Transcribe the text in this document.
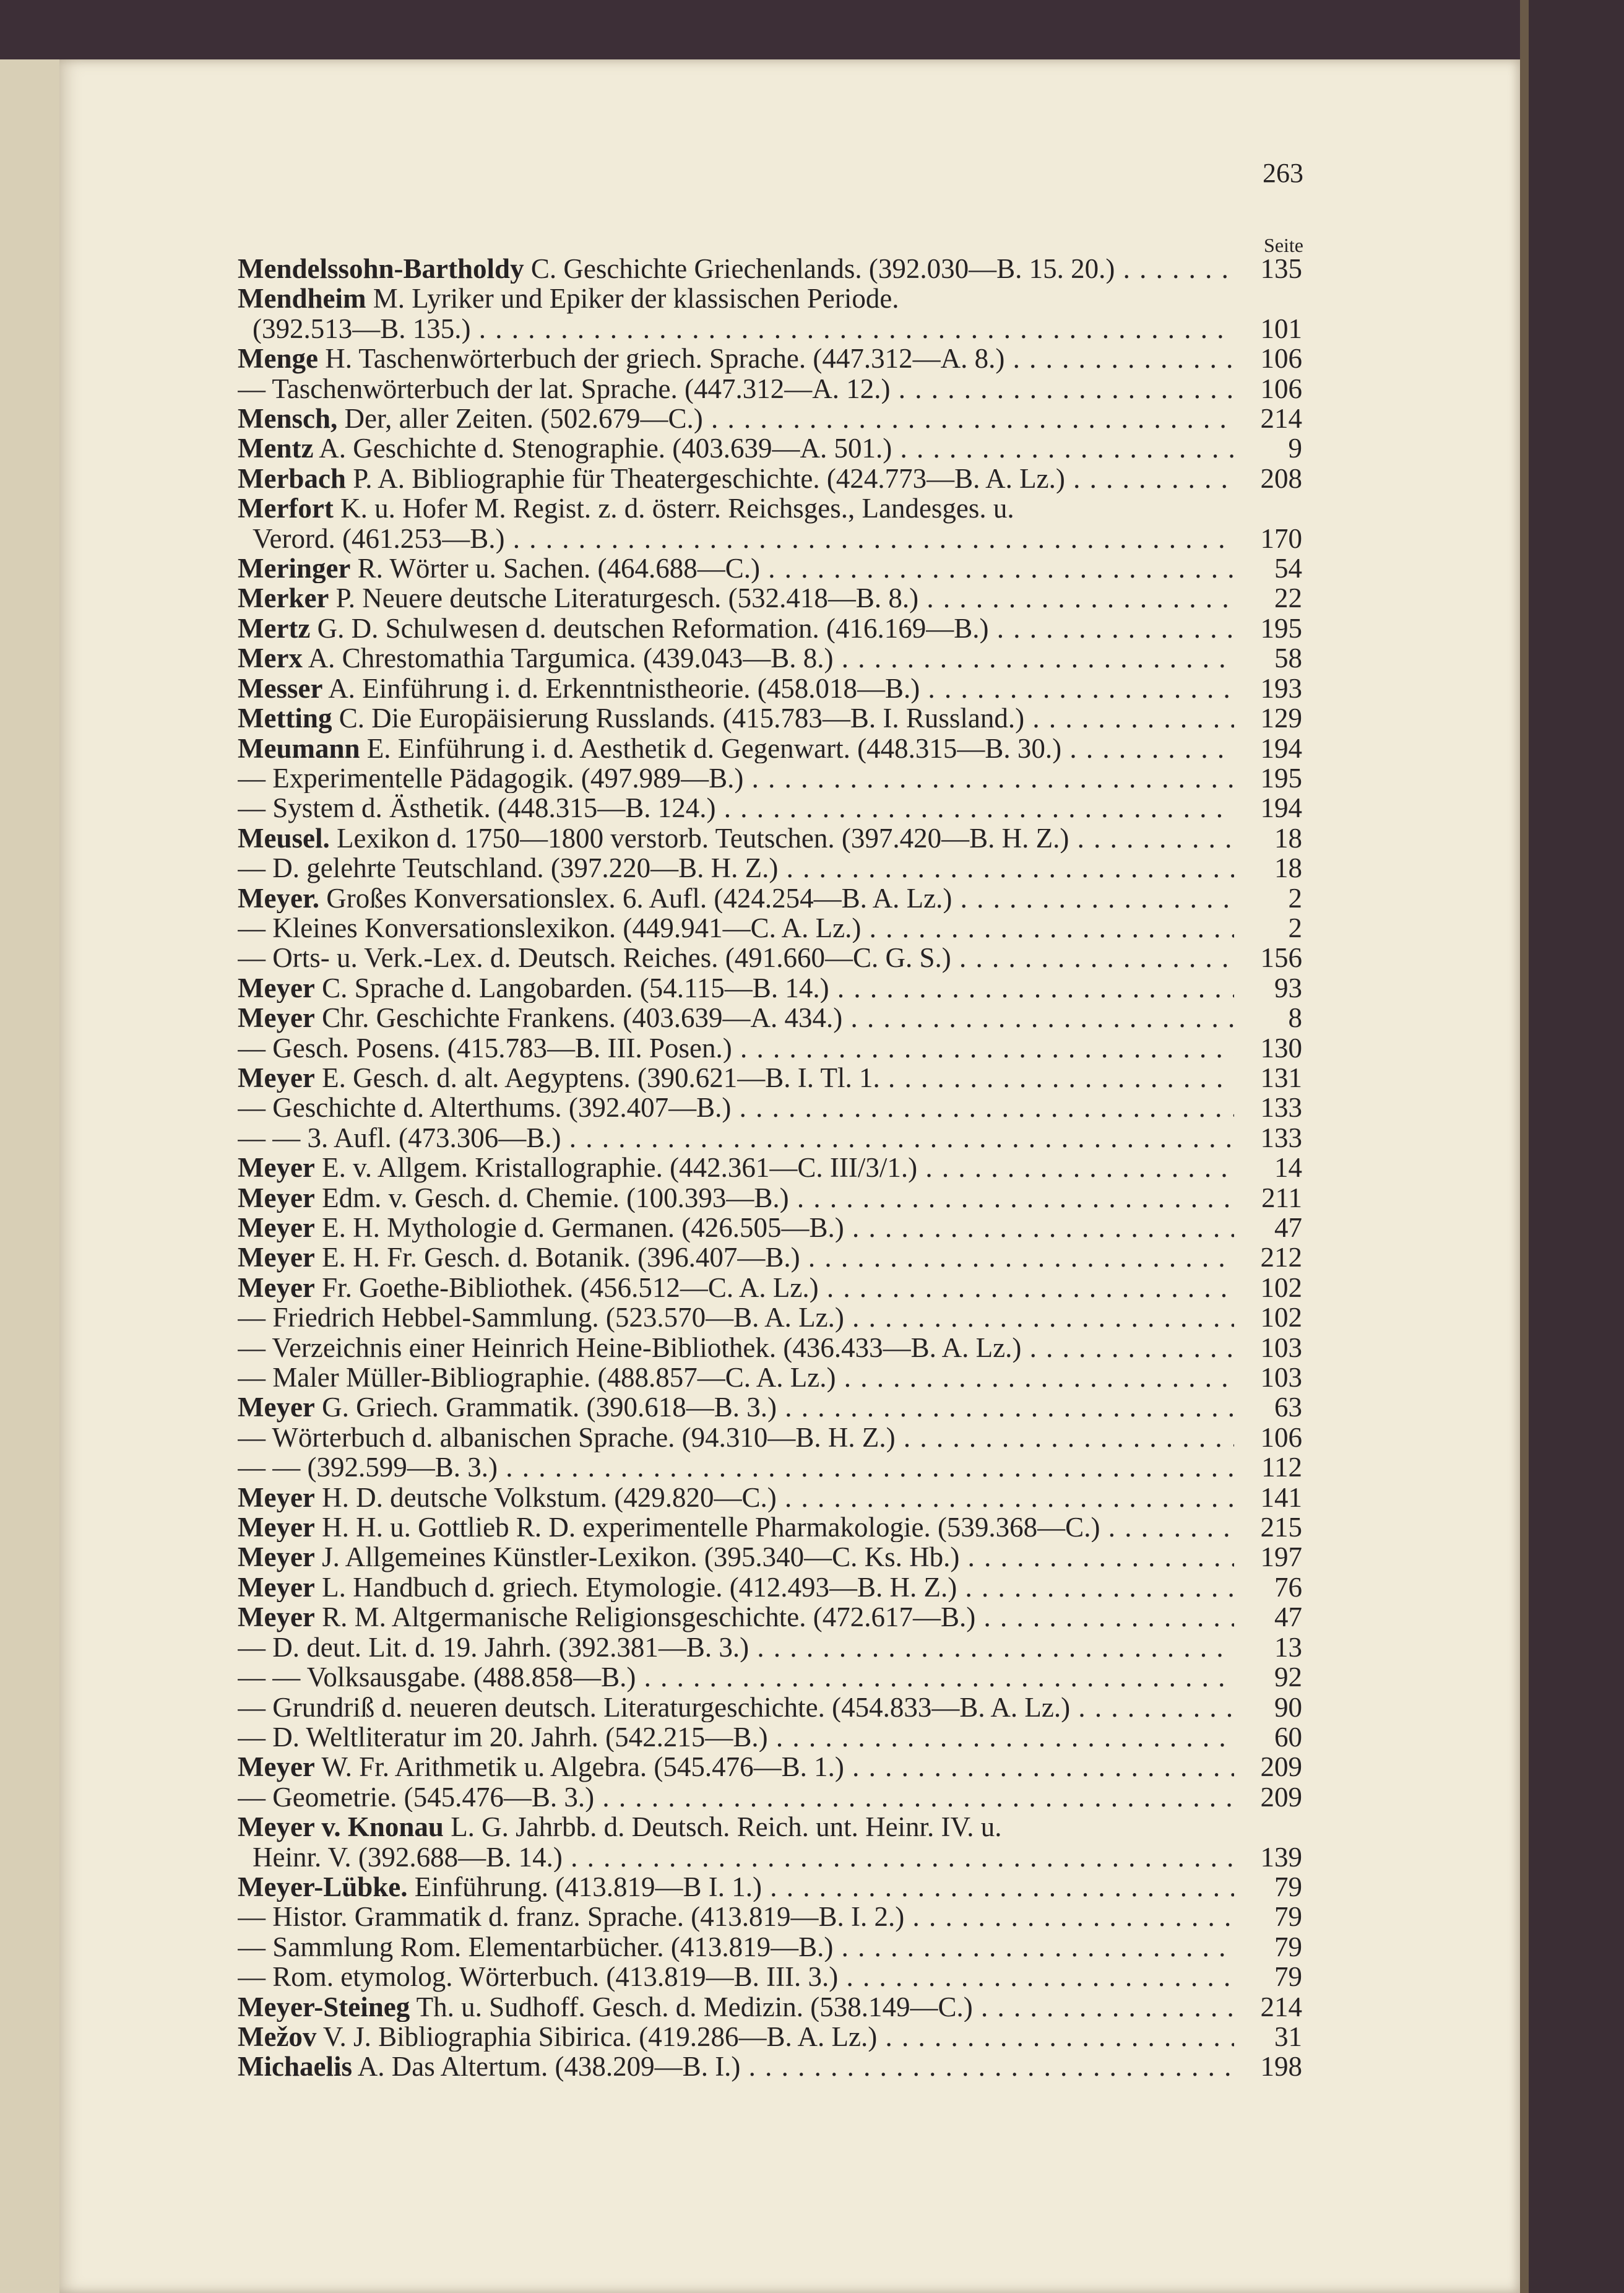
263
Seite
Mendelssohn-Bartholdy C. Geschichte Griechenlands. (392.030—B. 15. 20.) . . .	135
Mendheim M. Lyriker und Epiker der klassischen Periode.
(392.513—B. 135.) . . .	101
Menge H. Taschenwörterbuch der griech. Sprache. (447.312—A. 8.) . . .	106
— Taschenwörterbuch der lat. Sprache. (447.312—A. 12.) . . .	106
Mensch, Der, aller Zeiten. (502.679—C.) . . .	214
Mentz A. Geschichte d. Stenographie. (403.639—A. 501.) . . .	9
Merbach P. A. Bibliographie für Theatergeschichte. (424.773—B. A. Lz.) . . .	208
Merfort K. u. Hofer M. Regist. z. d. österr. Reichsges., Landesges. u.
Verord. (461.253—B.) . . .	170
Meringer R. Wörter u. Sachen. (464.688—C.) . . .	54
Merker P. Neuere deutsche Literaturgesch. (532.418—B. 8.) . . .	22
Mertz G. D. Schulwesen d. deutschen Reformation. (416.169—B.) . . .	195
Merx A. Chrestomathia Targumica. (439.043—B. 8.) . . .	58
Messer A. Einführung i. d. Erkenntnistheorie. (458.018—B.) . . .	193
Metting C. Die Europäisierung Russlands. (415.783—B. I. Russland.) . . .	129
Meumann E. Einführung i. d. Aesthetik d. Gegenwart. (448.315—B. 30.) . . .	194
— Experimentelle Pädagogik. (497.989—B.) . . .	195
— System d. Ästhetik. (448.315—B. 124.) . . .	194
Meusel. Lexikon d. 1750—1800 verstorb. Teutschen. (397.420—B. H. Z.) . . .	18
— D. gelehrte Teutschland. (397.220—B. H. Z.) . . .	18
Meyer. Großes Konversationslex. 6. Aufl. (424.254—B. A. Lz.) . . .	2
— Kleines Konversationslexikon. (449.941—C. A. Lz.) . . .	2
— Orts- u. Verk.-Lex. d. Deutsch. Reiches. (491.660—C. G. S.) . . .	156
Meyer C. Sprache d. Langobarden. (54.115—B. 14.) . . .	93
Meyer Chr. Geschichte Frankens. (403.639—A. 434.) . . .	8
— Gesch. Posens. (415.783—B. III. Posen.) . . .	130
Meyer E. Gesch. d. alt. Aegyptens. (390.621—B. I. Tl. 1. . . .	131
— Geschichte d. Alterthums. (392.407—B.) . . .	133
— — 3. Aufl. (473.306—B.) . . .	133
Meyer E. v. Allgem. Kristallographie. (442.361—C. III/3/1.) . . .	14
Meyer Edm. v. Gesch. d. Chemie. (100.393—B.) . . .	211
Meyer E. H. Mythologie d. Germanen. (426.505—B.) . . .	47
Meyer E. H. Fr. Gesch. d. Botanik. (396.407—B.) . . .	212
Meyer Fr. Goethe-Bibliothek. (456.512—C. A. Lz.) . . .	102
— Friedrich Hebbel-Sammlung. (523.570—B. A. Lz.) . . .	102
— Verzeichnis einer Heinrich Heine-Bibliothek. (436.433—B. A. Lz.) . . .	103
— Maler Müller-Bibliographie. (488.857—C. A. Lz.) . . .	103
Meyer G. Griech. Grammatik. (390.618—B. 3.) . . .	63
— Wörterbuch d. albanischen Sprache. (94.310—B. H. Z.) . . .	106
— — (392.599—B. 3.) . . .	112
Meyer H. D. deutsche Volkstum. (429.820—C.) . . .	141
Meyer H. H. u. Gottlieb R. D. experimentelle Pharmakologie. (539.368—C.) . . .	215
Meyer J. Allgemeines Künstler-Lexikon. (395.340—C. Ks. Hb.) . . .	197
Meyer L. Handbuch d. griech. Etymologie. (412.493—B. H. Z.) . . .	76
Meyer R. M. Altgermanische Religionsgeschichte. (472.617—B.) . . .	47
— D. deut. Lit. d. 19. Jahrh. (392.381—B. 3.) . . .	13
— — Volksausgabe. (488.858—B.) . . .	92
— Grundriß d. neueren deutsch. Literaturgeschichte. (454.833—B. A. Lz.) . . .	90
— D. Weltliteratur im 20. Jahrh. (542.215—B.) . . .	60
Meyer W. Fr. Arithmetik u. Algebra. (545.476—B. 1.) . . .	209
— Geometrie. (545.476—B. 3.) . . .	209
Meyer v. Knonau L. G. Jahrbb. d. Deutsch. Reich. unt. Heinr. IV. u.
Heinr. V. (392.688—B. 14.) . . .	139
Meyer-Lübke. Einführung. (413.819—B I. 1.) . . .	79
— Histor. Grammatik d. franz. Sprache. (413.819—B. I. 2.) . . .	79
— Sammlung Rom. Elementarbücher. (413.819—B.) . . .	79
— Rom. etymolog. Wörterbuch. (413.819—B. III. 3.) . . .	79
Meyer-Steineg Th. u. Sudhoff. Gesch. d. Medizin. (538.149—C.) . . .	214
Mežov V. J. Bibliographia Sibirica. (419.286—B. A. Lz.) . . .	31
Michaelis A. Das Altertum. (438.209—B. I.) . . .	198
